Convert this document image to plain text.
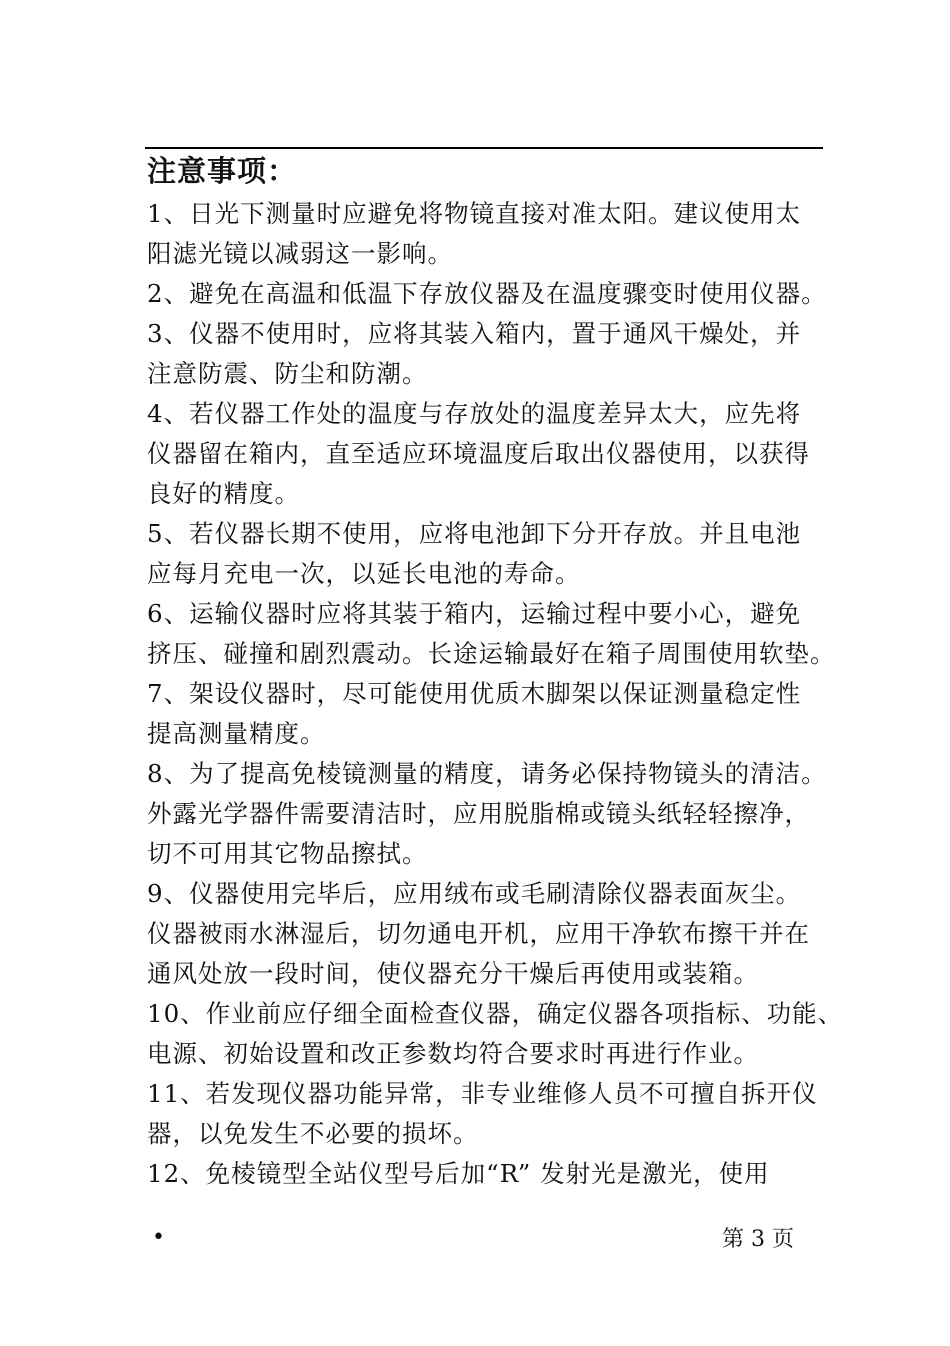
注意事项：
1、日光下测量时应避免将物镜直接对准太阳。建议使用太
阳滤光镜以减弱这一影响。
2、避免在高温和低温下存放仪器及在温度骤变时使用仪器。
3、仪器不使用时，应将其装入箱内，置于通风干燥处，并
注意防震、防尘和防潮。
4、若仪器工作处的温度与存放处的温度差异太大，应先将
仪器留在箱内，直至适应环境温度后取出仪器使用，以获得
良好的精度。
5、若仪器长期不使用，应将电池卸下分开存放。并且电池
应每月充电一次，以延长电池的寿命。
6、运输仪器时应将其装于箱内，运输过程中要小心，避免
挤压、碰撞和剧烈震动。长途运输最好在箱子周围使用软垫。
7、架设仪器时，尽可能使用优质木脚架以保证测量稳定性
提高测量精度。
8、为了提高免棱镜测量的精度，请务必保持物镜头的清洁。
外露光学器件需要清洁时，应用脱脂棉或镜头纸轻轻擦净，
切不可用其它物品擦拭。
9、仪器使用完毕后，应用绒布或毛刷清除仪器表面灰尘。
仪器被雨水淋湿后，切勿通电开机，应用干净软布擦干并在
通风处放一段时间，使仪器充分干燥后再使用或装箱。
10、作业前应仔细全面检查仪器，确定仪器各项指标、功能、
电源、初始设置和改正参数均符合要求时再进行作业。
11、若发现仪器功能异常，非专业维修人员不可擅自拆开仪
器，以免发生不必要的损坏。
12、免棱镜型全站仪型号后加“R” 发射光是激光，使用
•	第 3 页
